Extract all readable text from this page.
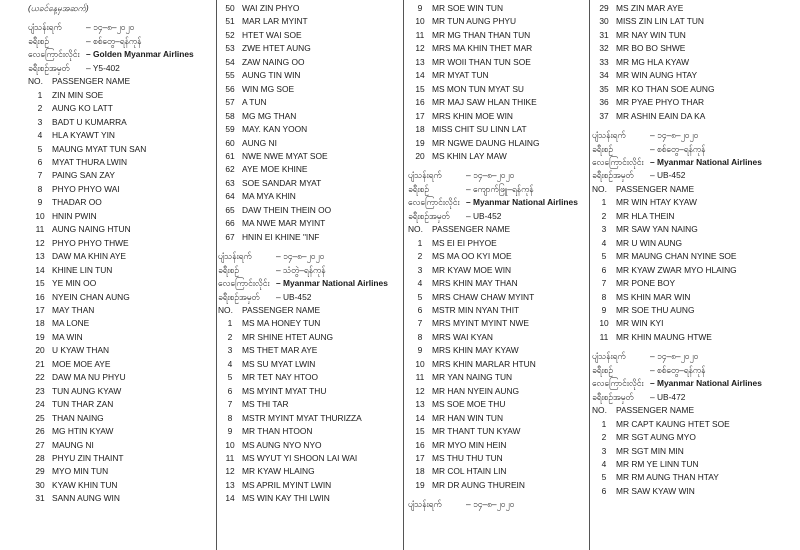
(ယခင်နေ့မှအဆက်)
ပျံသန်းရက်	– ၁၄–၈–၂၀၂၀
ခရီးစဉ်	– စစ်တွေ–ရန်ကုန်
လေကြောင်းလိုင်း – Golden Myanmar Airlines
ခရီးစဉ်အမှတ် – Y5-402
NO. PASSENGER NAME
1 ZIN MIN SOE
2 AUNG KO LATT
3 BADT U KUMARRA
4 HLA KYAWT YIN
5 MAUNG MYAT TUN SAN
6 MYAT THURA LWIN
7 PAING SAN ZAY
8 PHYO PHYO WAI
9 THADAR OO
10 HNIN PWIN
11 AUNG NAING HTUN
12 PHYO PHYO THWE
13 DAW MA KHIN AYE
14 KHINE LIN TUN
15 YE MIN OO
16 NYEIN CHAN AUNG
17 MAY THAN
18 MA LONE
19 MA WIN
20 U KYAW THAN
21 MOE MOE AYE
22 DAW MA NU PHYU
23 TUN AUNG KYAW
24 TUN THAR ZAN
25 THAN NAING
26 MG HTIN KYAW
27 MAUNG NI
28 PHYU ZIN THAINT
29 MYO MIN TUN
30 KYAW KHIN TUN
31 SANN AUNG WIN
50 WAI ZIN PHYO
51 MAR LAR MYINT
52 HTET WAI SOE
53 ZWE HTET AUNG
54 ZAW NAING OO
55 AUNG TIN WIN
56 WIN MG SOE
57 A TUN
58 MG MG THAN
59 MAY. KAN YOON
60 AUNG NI
61 NWE NWE MYAT SOE
62 AYE MOE KHINE
63 SOE SANDAR MYAT
64 MA MYA KHIN
65 DAW THEIN THEIN OO
66 MA NWE MAR MYINT
67 HNIN EI KHINE "INF
ပျံသန်းရက်	– ၁၄–၈–၂၀၂၀
ခရီးစဉ်	– သံတွဲ–ရန်ကုန်
လေကြောင်းလိုင်း – Myanmar National Airlines
ခရီးစဉ်အမှတ် – UB-452
NO. PASSENGER NAME
1 MS MA HONEY TUN
2 MR SHINE HTET AUNG
3 MS THET MAR AYE
4 MS SU MYAT LWIN
5 MR TET NAY HTOO
6 MS MYINT MYAT THU
7 MS THI TAR
8 MSTR MYINT MYAT THURIZZA
9 MR THAN HTOON
10 MS AUNG NYO NYO
11 MS WYUT YI SHOON LAI WAI
12 MR KYAW HLAING
13 MS APRIL MYINT LWIN
14 MS WIN KAY THI LWIN
9 MR SOE WIN TUN
10 MR TUN AUNG PHYU
11 MR MG THAN THAN TUN
12 MRS MA KHIN THET MAR
13 MR WOII THAN TUN SOE
14 MR MYAT TUN
15 MS MON TUN MYAT SU
16 MR MAJ SAW HLAN THIKE
17 MRS KHIN MOE WIN
18 MISS CHIT SU LINN LAT
19 MR NGWE DAUNG HLAING
20 MS KHIN LAY MAW
ပျံသန်းရက်	– ၁၄–၈–၂၀၂၀
ခရီးစဉ်	– ကျောက်ဖြူ–ရန်ကုန်
လေကြောင်းလိုင်း – Myanmar National Airlines
ခရီးစဉ်အမှတ် – UB-452
NO. PASSENGER NAME
1 MS EI EI PHYOE
2 MS MA OO KYI MOE
3 MR KYAW MOE WIN
4 MRS KHIN MAY THAN
5 MRS CHAW CHAW MYINT
6 MSTR MIN NYAN THIT
7 MRS MYINT MYINT NWE
8 MRS WAI KYAN
9 MRS KHIN MAY KYAW
10 MRS KHIN MARLAR HTUN
11 MR YAN NAING TUN
12 MR HAN NYEIN AUNG
13 MS SOE MOE THU
14 MR HAN WIN TUN
15 MR THANT TUN KYAW
16 MR MYO MIN HEIN
17 MS THU THU TUN
18 MR COL HTAIN LIN
19 MR DR AUNG THUREIN
ပျံသန်းရက်	– ၁၄–၈–၂၀၂၀
29 MS ZIN MAR AYE
30 MISS ZIN LIN LAT TUN
31 MR NAY WIN TUN
32 MR BO BO SHWE
33 MR MG HLA KYAW
34 MR WIN AUNG HTAY
35 MR KO THAN SOE AUNG
36 MR PYAE PHYO THAR
37 MR ASHIN EAIN DA KA
ပျံသန်းရက်	– ၁၄–၈–၂၀၂၀
ခရီးစဉ်	– စစ်တွေ–ရန်ကုန်
လေကြောင်းလိုင်း – Myanmar National Airlines
ခရီးစဉ်အမှတ် – UB-452
NO. PASSENGER NAME
1 MR WIN HTAY KYAW
2 MR HLA THEIN
3 MR SAW YAN NAING
4 MR U WIN AUNG
5 MR MAUNG CHAN NYINE SOE
6 MR KYAW ZWAR MYO HLAING
7 MR PONE BOY
8 MS KHIN MAR WIN
9 MR SOE THU AUNG
10 MR WIN KYI
11 MR KHIN MAUNG HTWE
ပျံသန်းရက်	– ၁၄–၈–၂၀၂၀
ခရီးစဉ်	– စစ်တွေ–ရန်ကုန်
လေကြောင်းလိုင်း – Myanmar National Airlines
ခရီးစဉ်အမှတ် – UB-472
NO. PASSENGER NAME
1 MR CAPT KAUNG HTET SOE
2 MR SGT AUNG MYO
3 MR SGT MIN MIN
4 MR RM YE LINN TUN
5 MR RM AUNG THAN HTAY
6 MR SAW KYAW WIN
